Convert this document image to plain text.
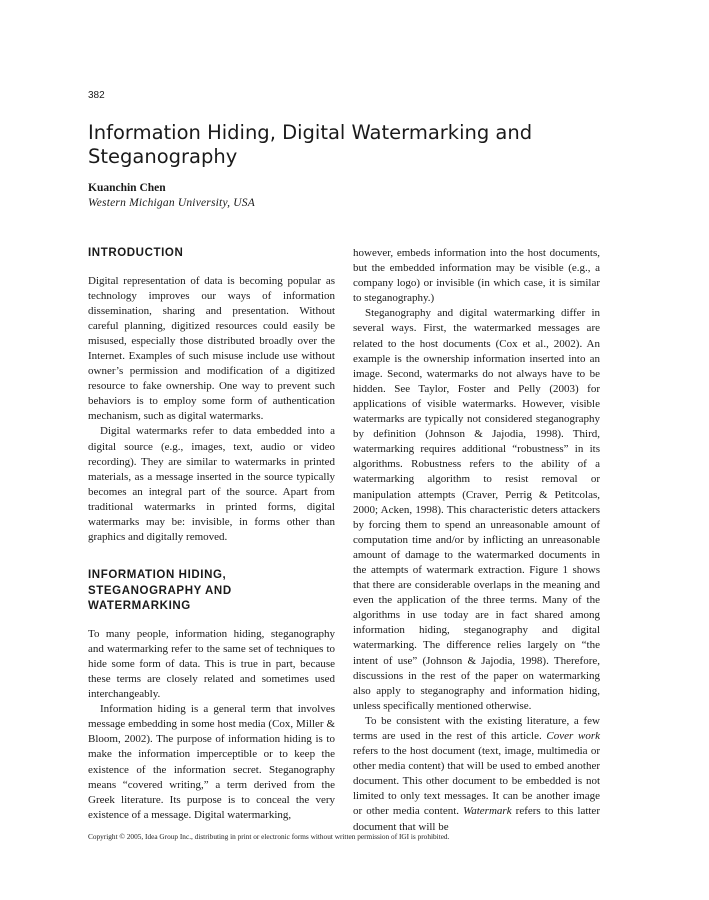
382
Information Hiding, Digital Watermarking and Steganography
Kuanchin Chen
Western Michigan University, USA
INTRODUCTION

Digital representation of data is becoming popular as technology improves our ways of information dissemination, sharing and presentation. Without careful planning, digitized resources could easily be misused, especially those distributed broadly over the Internet. Examples of such misuse include use without owner’s permission and modification of a digitized resource to fake ownership. One way to prevent such behaviors is to employ some form of authentication mechanism, such as digital watermarks.

Digital watermarks refer to data embedded into a digital source (e.g., images, text, audio or video recording). They are similar to watermarks in printed materials, as a message inserted in the source typically becomes an integral part of the source. Apart from traditional watermarks in printed forms, digital watermarks may be: invisible, in forms other than graphics and digitally removed.

INFORMATION HIDING, STEGANOGRAPHY AND WATERMARKING

To many people, information hiding, steganography and watermarking refer to the same set of techniques to hide some form of data. This is true in part, because these terms are closely related and sometimes used interchangeably.

Information hiding is a general term that involves message embedding in some host media (Cox, Miller & Bloom, 2002). The purpose of information hiding is to make the information imperceptible or to keep the existence of the information secret. Steganography means “covered writing,” a term derived from the Greek literature. Its purpose is to conceal the very existence of a message. Digital watermarking,

however, embeds information into the host documents, but the embedded information may be visible (e.g., a company logo) or invisible (in which case, it is similar to steganography.)

Steganography and digital watermarking differ in several ways. First, the watermarked messages are related to the host documents (Cox et al., 2002). An example is the ownership information inserted into an image. Second, watermarks do not always have to be hidden. See Taylor, Foster and Pelly (2003) for applications of visible watermarks. However, visible watermarks are typically not considered steganography by definition (Johnson & Jajodia, 1998). Third, watermarking requires additional “robustness” in its algorithms. Robustness refers to the ability of a watermarking algorithm to resist removal or manipulation attempts (Craver, Perrig & Petitcolas, 2000; Acken, 1998). This characteristic deters attackers by forcing them to spend an unreasonable amount of computation time and/or by inflicting an unreasonable amount of damage to the watermarked documents in the attempts of watermark extraction. Figure 1 shows that there are considerable overlaps in the meaning and even the application of the three terms. Many of the algorithms in use today are in fact shared among information hiding, steganography and digital watermarking. The difference relies largely on “the intent of use” (Johnson & Jajodia, 1998). Therefore, discussions in the rest of the paper on watermarking also apply to steganography and information hiding, unless specifically mentioned otherwise.

To be consistent with the existing literature, a few terms are used in the rest of this article. Cover work refers to the host document (text, image, multimedia or other media content) that will be used to embed another document. This other document to be embedded is not limited to only text messages. It can be another image or other media content. Watermark refers to this latter document that will be

Copyright © 2005, Idea Group Inc., distributing in print or electronic forms without written permission of IGI is prohibited.
